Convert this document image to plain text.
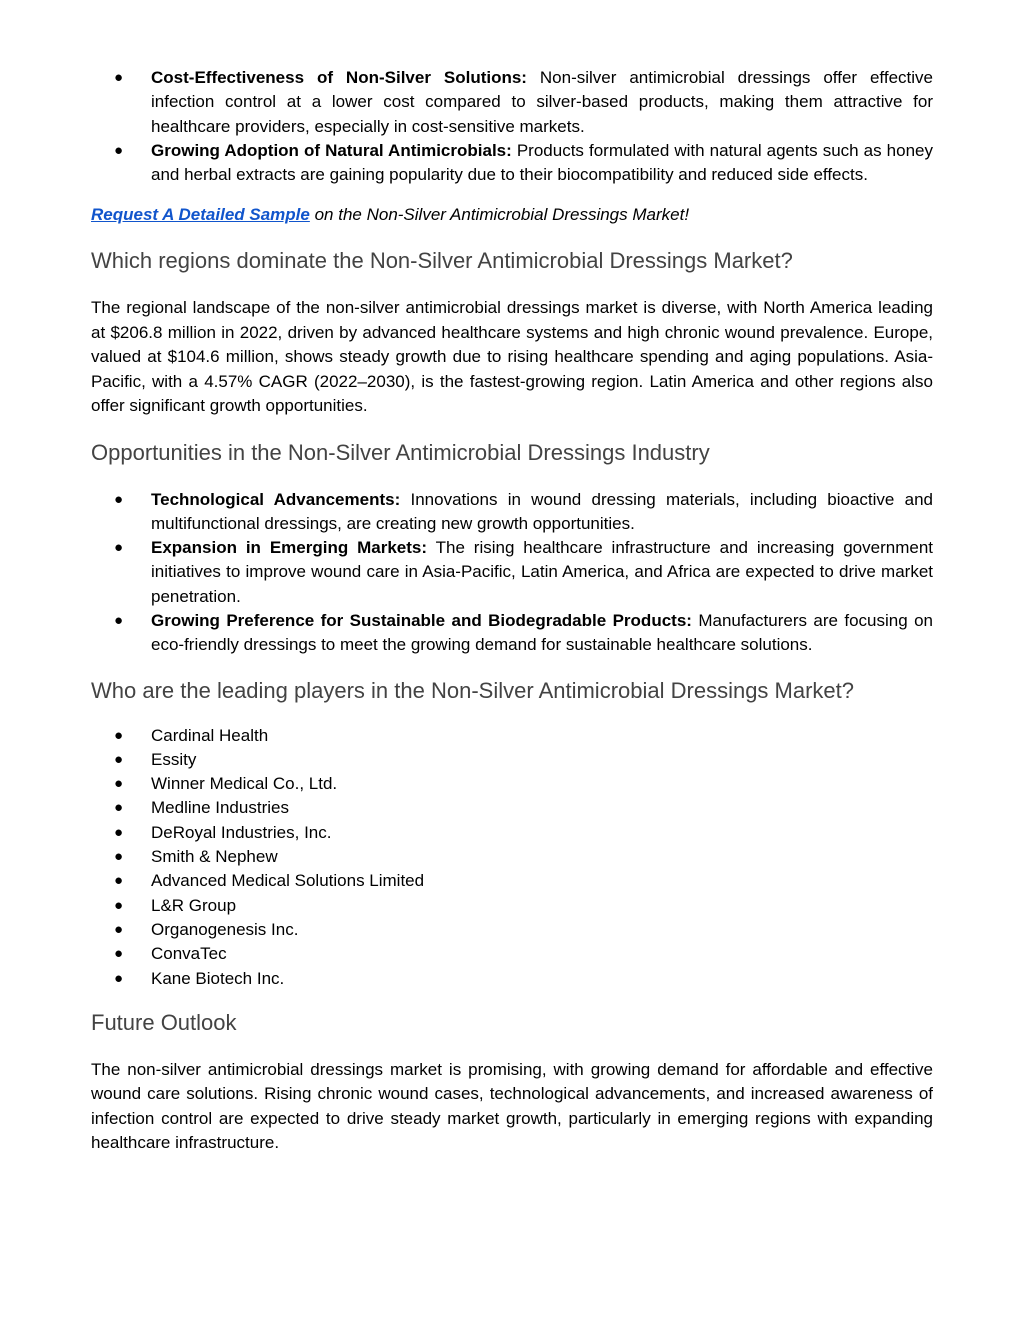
● Cost-Effectiveness of Non-Silver Solutions: Non-silver antimicrobial dressings offer effective infection control at a lower cost compared to silver-based products, making them attractive for healthcare providers, especially in cost-sensitive markets.
● Growing Adoption of Natural Antimicrobials: Products formulated with natural agents such as honey and herbal extracts are gaining popularity due to their biocompatibility and reduced side effects.

Request A Detailed Sample on the Non-Silver Antimicrobial Dressings Market!

Which regions dominate the Non-Silver Antimicrobial Dressings Market?

The regional landscape of the non-silver antimicrobial dressings market is diverse, with North America leading at $206.8 million in 2022, driven by advanced healthcare systems and high chronic wound prevalence. Europe, valued at $104.6 million, shows steady growth due to rising healthcare spending and aging populations. Asia-Pacific, with a 4.57% CAGR (2022–2030), is the fastest-growing region. Latin America and other regions also offer significant growth opportunities.

Opportunities in the Non-Silver Antimicrobial Dressings Industry
● Technological Advancements: Innovations in wound dressing materials, including bioactive and multifunctional dressings, are creating new growth opportunities.
● Expansion in Emerging Markets: The rising healthcare infrastructure and increasing government initiatives to improve wound care in Asia-Pacific, Latin America, and Africa are expected to drive market penetration.
● Growing Preference for Sustainable and Biodegradable Products: Manufacturers are focusing on eco-friendly dressings to meet the growing demand for sustainable healthcare solutions.
Who are the leading players in the Non-Silver Antimicrobial Dressings Market?
● Cardinal Health
● Essity
● Winner Medical Co., Ltd.
● Medline Industries
● DeRoyal Industries, Inc.
● Smith & Nephew
● Advanced Medical Solutions Limited
● L&R Group
● Organogenesis Inc.
● ConvaTec
● Kane Biotech Inc.
Future Outlook

The non-silver antimicrobial dressings market is promising, with growing demand for affordable and effective wound care solutions. Rising chronic wound cases, technological advancements, and increased awareness of infection control are expected to drive steady market growth, particularly in emerging regions with expanding healthcare infrastructure.
